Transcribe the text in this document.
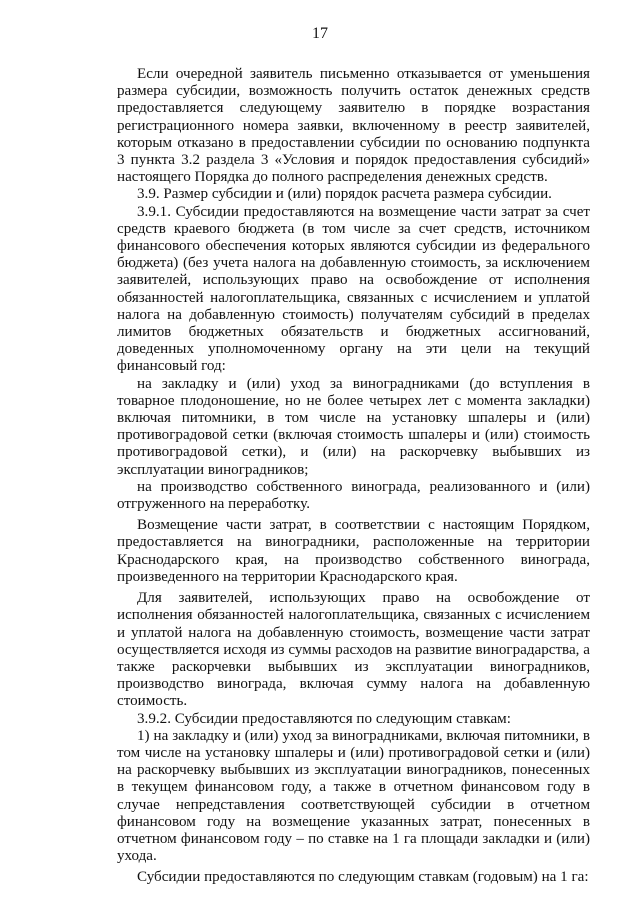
17

Если очередной заявитель письменно отказывается от уменьшения размера субсидии, возможность получить остаток денежных средств предоставляется следующему заявителю в порядке возрастания регистрационного номера заявки, включенному в реестр заявителей, которым отказано в предоставлении субсидии по основанию подпункта 3 пункта 3.2 раздела 3 «Условия и порядок предоставления субсидий» настоящего Порядка до полного распределения денежных средств.

3.9. Размер субсидии и (или) порядок расчета размера субсидии.

3.9.1. Субсидии предоставляются на возмещение части затрат за счет средств краевого бюджета (в том числе за счет средств, источником финансового обеспечения которых являются субсидии из федерального бюджета) (без учета налога на добавленную стоимость, за исключением заявителей, использующих право на освобождение от исполнения обязанностей налогоплательщика, связанных с исчислением и уплатой налога на добавленную стоимость) получателям субсидий в пределах лимитов бюджетных обязательств и бюджетных ассигнований, доведенных уполномоченному органу на эти цели на текущий финансовый год:

на закладку и (или) уход за виноградниками (до вступления в товарное плодоношение, но не более четырех лет с момента закладки) включая питомники, в том числе на установку шпалеры и (или) противоградовой сетки (включая стоимость шпалеры и (или) стоимость противоградовой сетки), и (или) на раскорчевку выбывших из эксплуатации виноградников;

на производство собственного винограда, реализованного и (или) отгруженного на переработку.

Возмещение части затрат, в соответствии с настоящим Порядком, предоставляется на виноградники, расположенные на территории Краснодарского края, на производство собственного винограда, произведенного на территории Краснодарского края.

Для заявителей, использующих право на освобождение от исполнения обязанностей налогоплательщика, связанных с исчислением и уплатой налога на добавленную стоимость, возмещение части затрат осуществляется исходя из суммы расходов на развитие виноградарства, а также раскорчевки выбывших из эксплуатации виноградников, производство винограда, включая сумму налога на добавленную стоимость.

3.9.2. Субсидии предоставляются по следующим ставкам:

1) на закладку и (или) уход за виноградниками, включая питомники, в том числе на установку шпалеры и (или) противоградовой сетки и (или) на раскорчевку выбывших из эксплуатации виноградников, понесенных в текущем финансовом году, а также в отчетном финансовом году в случае непредставления соответствующей субсидии в отчетном финансовом году на возмещение указанных затрат, понесенных в отчетном финансовом году – по ставке на 1 га площади закладки и (или) ухода.

Субсидии предоставляются по следующим ставкам (годовым) на 1 га:
